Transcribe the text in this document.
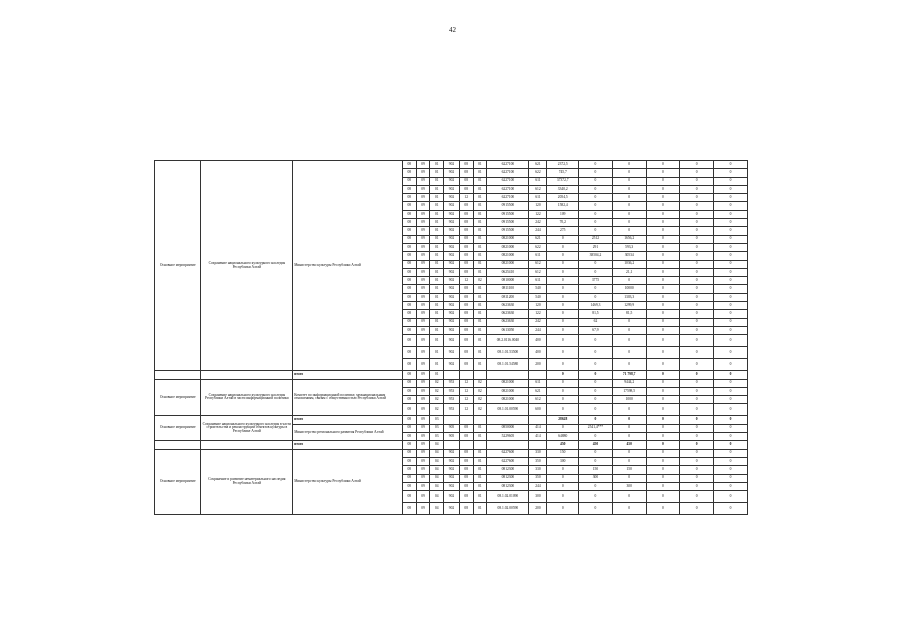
42
Основное мероприятие	Сохранение национального культурного наследия Республики Алтай	Министерство культуры Республики Алтай	08	09	01	902	08	01	6227100	621	2372,5	0	0	0	0	0
			08	09	01	902	08	01	6227100	622	745,7	0	0	0	0	0
			08	09	01	902	08	01	6227100	611	37372,7	0	0	0	0	0
			08	09	01	902	08	01	6227100	612	3340,2	0	0	0	0	0
			08	09	01	902	12	01	6227100	611	2054,5	0	0	0	0	0
			08	09	01	902	08	01	0915500	120	1582,4	0	0	0	0	0
			08	09	01	902	08	01	0915500	122	109	0	0	0	0	0
			08	09	01	902	08	01	0915500	242	70,2	0	0	0	0	0
			08	09	01	902	08	01	0915500	244	275	0	0	0	0	0
			08	09	01	902	08	01	0821000	621	0	2512	1656,2	0	0	0
			08	09	01	902	08	01	0821000	622	0	291	593,3	0	0	0
			08	09	01	902	08	01	0821000	611	0	38504,2	30534	0	0	0
			08	09	01	902	08	01	0821000	612	0	0	1036,2	0	0	0
			08	09	01	902	08	01	0625410	612	0	0	21,1	0	0	0
			08	09	01	902	12	02	0810000	611	0	3775	0	0	0	0
			08	09	01	902	08	01	0811100	540	0	0	10000	0	0	0
			08	09	01	902	08	01	0811200	540	0	0	1303,3	0	0	0
			08	09	01	902	08	01	0623630	120	0	1469,3	1299,9	0	0	0
			08	09	01	902	08	01	0623630	122	0	81,5	81,5	0	0	0
			08	09	01	902	08	01	0623630	242	0	62	0	0	0	0
			08	09	01	902	08	01	0613050	244	0	67,9	0	0	0	0
			08	09	01	902	08	01	08.2.0116.0040	400	0	0	0	0	0	0
			08	09	01	902	08	01	08.1.01.53500	400	0	0	0	0	0	0
			08	09	01	902	08	01	08.1.01.54580	200	0	0	0	0	0	0
		итого	08	09	01						0	0	71 798,7	0	0	0
Основное мероприятие	Сохранение национального культурного наследия Республики Алтай в части информационной политики	Комитет по информационной политике, межнациональным отношениям, связям с общественностью Республики Алтай	08	09	02	953	12	02	0821000	611	0	0	9444,2	0	0	0
			08	09	02	953	12	02	0821000	621	0	0	17598,5	0	0	0
			08	09	02	953	12	02	0821000	612	0	0	1000	0	0	0
			08	09	02	953	12	02	08.1.01.00590	600	0	0	0	0	0	0
Основное мероприятие	Сохранение национального культурного наследия в части строительства и реконструкции объектов культуры в Республике Алтай	итого	08	09	03						28628	0	0	0	0	0
		Министерство регионального развития Республики Алтай	08	09	03	905	08	01	0850000	414	0	2541,4***	0	0	0	0
			08	09	03	905	08	01	5229605	414	64880	0	0	0	0	0
		итого	08	09	04						450	450	450	0	0	0
Основное мероприятие	Сохранение и развитие нематериального наследия Республики Алтай	Министерство культуры Республики Алтай	08	09	04	902	08	01	6227600	330	150	0	0	0	0	0
			08	09	04	902	08	01	6227600	350	300	0	0	0	0	0
			08	09	04	902	08	01	0812300	330	0	150	150	0	0	0
			08	09	04	902	08	01	0812300	350	0	300	0	0	0	0
			08	09	04	902	08	01	0812300	244	0	0	300	0	0	0
			08	09	04	902	08	01	08.1.02.01090	300	0	0	0	0	0	0
			08	09	04	902	08	01	08.1.02.00590	200	0	0	0	0	0	0
